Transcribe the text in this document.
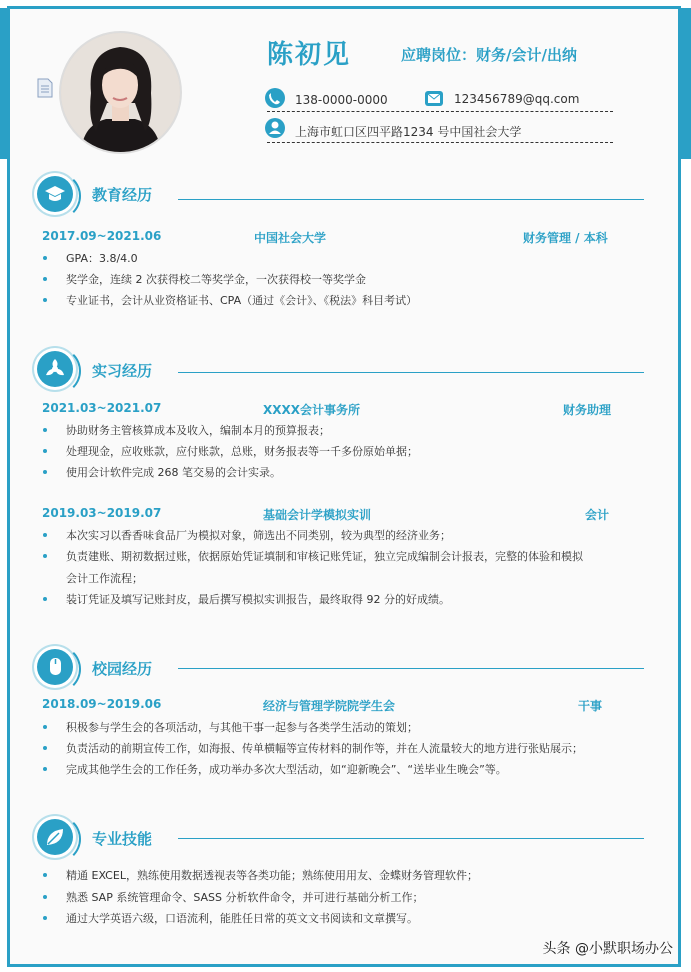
陈初见	应聘岗位：财务/会计/出纳
138-0000-0000	123456789@qq.com
上海市虹口区四平路1234 号中国社会大学
教育经历
2017.09~2021.06	中国社会大学	财务管理 / 本科
GPA：3.8/4.0
奖学金，连续 2 次获得校二等奖学金，一次获得校一等奖学金
专业证书，会计从业资格证书、CPA（通过《会计》、《税法》科目考试）
实习经历
2021.03~2021.07	XXXX会计事务所	财务助理
协助财务主管核算成本及收入，编制本月的预算报表；
处理现金，应收账款，应付账款，总账，财务报表等一千多份原始单据；
使用会计软件完成 268 笔交易的会计实录。
2019.03~2019.07	基础会计学模拟实训	会计
本次实习以香香味食品厂为模拟对象，筛选出不同类别，较为典型的经济业务；
负责建账、期初数据过账，依据原始凭证填制和审核记账凭证，独立完成编制会计报表，完整的体验和模拟
会计工作流程；
装订凭证及填写记账封皮，最后撰写模拟实训报告，最终取得 92 分的好成绩。
校园经历
2018.09~2019.06	经济与管理学院院学生会	干事
积极参与学生会的各项活动，与其他干事一起参与各类学生活动的策划；
负责活动的前期宣传工作，如海报、传单横幅等宣传材料的制作等，并在人流量较大的地方进行张贴展示；
完成其他学生会的工作任务，成功举办多次大型活动，如“迎新晚会”、“送毕业生晚会”等。
专业技能
精通 EXCEL，熟练使用数据透视表等各类功能；熟练使用用友、金蝶财务管理软件；
熟悉 SAP 系统管理命令、SASS 分析软件命令，并可进行基础分析工作；
通过大学英语六级，口语流利，能胜任日常的英文文书阅读和文章撰写。
头条 @小默职场办公
